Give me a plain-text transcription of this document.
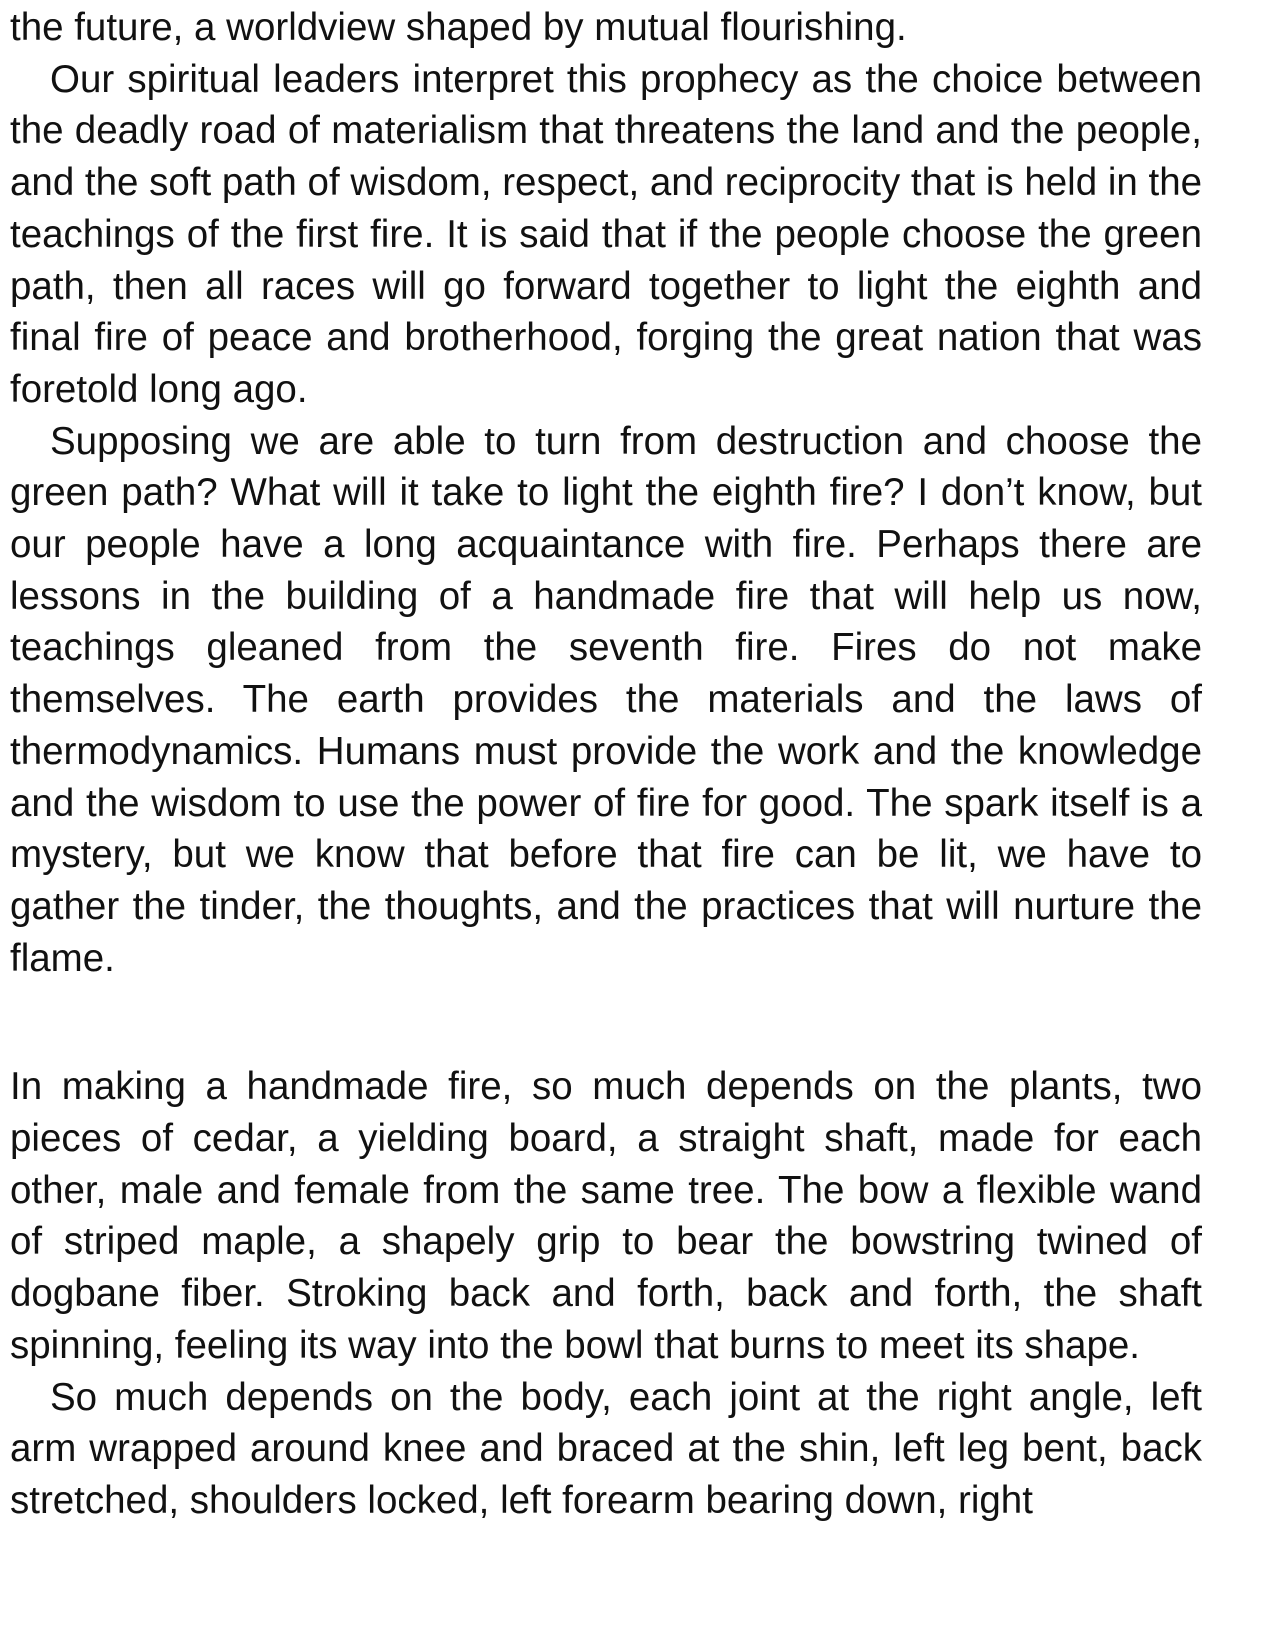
the future, a worldview shaped by mutual flourishing.

Our spiritual leaders interpret this prophecy as the choice between the deadly road of materialism that threatens the land and the people, and the soft path of wisdom, respect, and reciprocity that is held in the teachings of the first fire. It is said that if the people choose the green path, then all races will go forward together to light the eighth and final fire of peace and brotherhood, forging the great nation that was foretold long ago.

Supposing we are able to turn from destruction and choose the green path? What will it take to light the eighth fire? I don’t know, but our people have a long acquaintance with fire. Perhaps there are lessons in the building of a handmade fire that will help us now, teachings gleaned from the seventh fire. Fires do not make themselves. The earth provides the materials and the laws of thermodynamics. Humans must provide the work and the knowledge and the wisdom to use the power of fire for good. The spark itself is a mystery, but we know that before that fire can be lit, we have to gather the tinder, the thoughts, and the practices that will nurture the flame.

In making a handmade fire, so much depends on the plants, two pieces of cedar, a yielding board, a straight shaft, made for each other, male and female from the same tree. The bow a flexible wand of striped maple, a shapely grip to bear the bowstring twined of dogbane fiber. Stroking back and forth, back and forth, the shaft spinning, feeling its way into the bowl that burns to meet its shape.

So much depends on the body, each joint at the right angle, left arm wrapped around knee and braced at the shin, left leg bent, back stretched, shoulders locked, left forearm bearing down, right
